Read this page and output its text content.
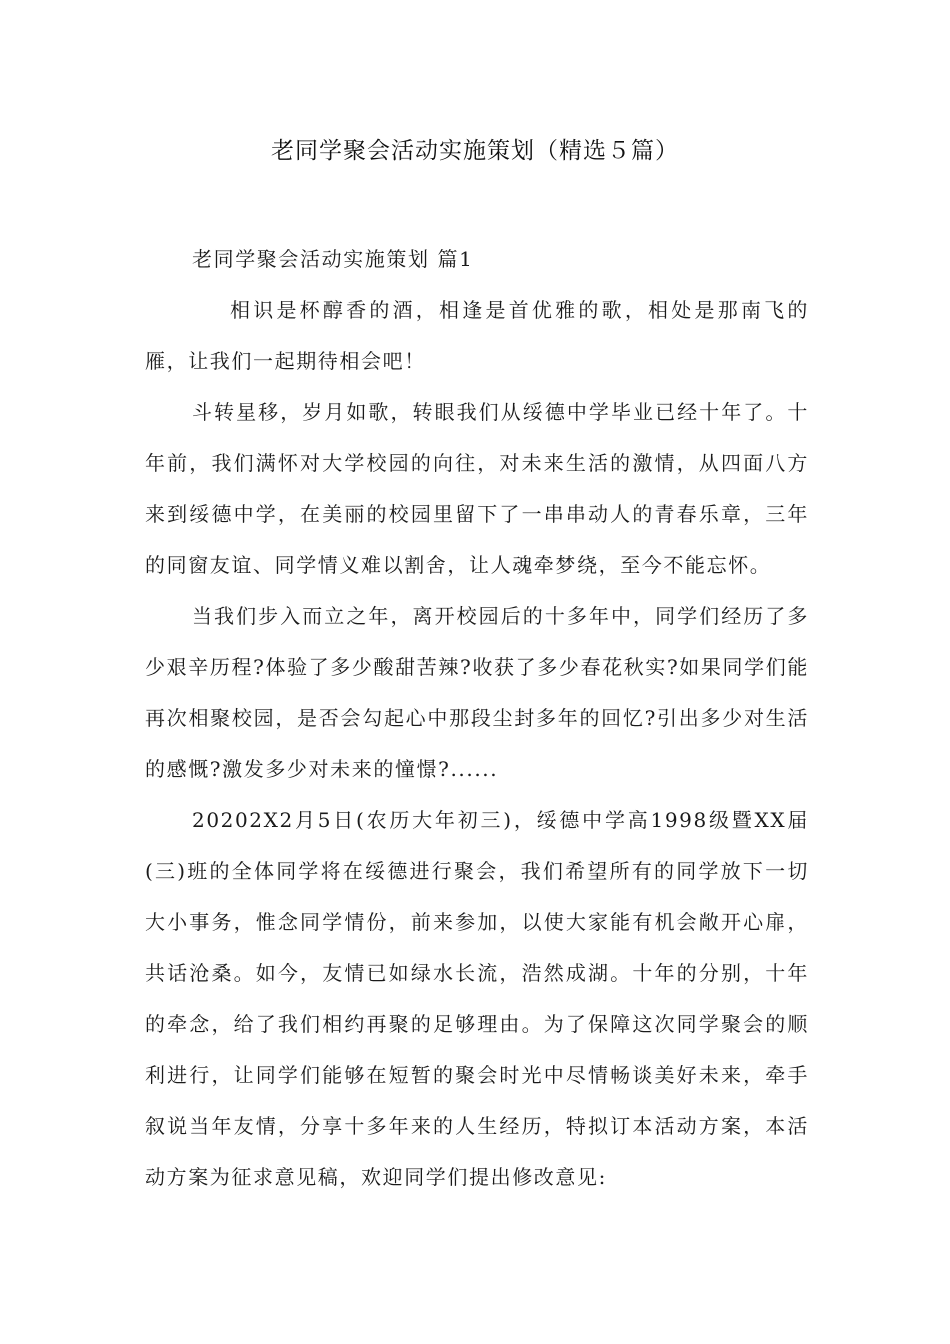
老同学聚会活动实施策划（精选５篇）

老同学聚会活动实施策划 篇1

相识是杯醇香的酒，相逢是首优雅的歌，相处是那南飞的雁，让我们一起期待相会吧！

斗转星移，岁月如歌，转眼我们从绥德中学毕业已经十年了。十年前，我们满怀对大学校园的向往，对未来生活的激情，从四面八方来到绥德中学，在美丽的校园里留下了一串串动人的青春乐章，三年的同窗友谊、同学情义难以割舍，让人魂牵梦绕，至今不能忘怀。

当我们步入而立之年，离开校园后的十多年中，同学们经历了多少艰辛历程?体验了多少酸甜苦辣?收获了多少春花秋实?如果同学们能再次相聚校园，是否会勾起心中那段尘封多年的回忆?引出多少对生活的感慨?激发多少对未来的憧憬?......

20202X2月5日(农历大年初三)，绥德中学高1998级暨XX届(三)班的全体同学将在绥德进行聚会，我们希望所有的同学放下一切大小事务，惟念同学情份，前来参加，以使大家能有机会敞开心扉，共话沧桑。如今，友情已如绿水长流，浩然成湖。十年的分别，十年的牵念，给了我们相约再聚的足够理由。为了保障这次同学聚会的顺利进行，让同学们能够在短暂的聚会时光中尽情畅谈美好未来，牵手叙说当年友情，分享十多年来的人生经历，特拟订本活动方案，本活动方案为征求意见稿，欢迎同学们提出修改意见:
